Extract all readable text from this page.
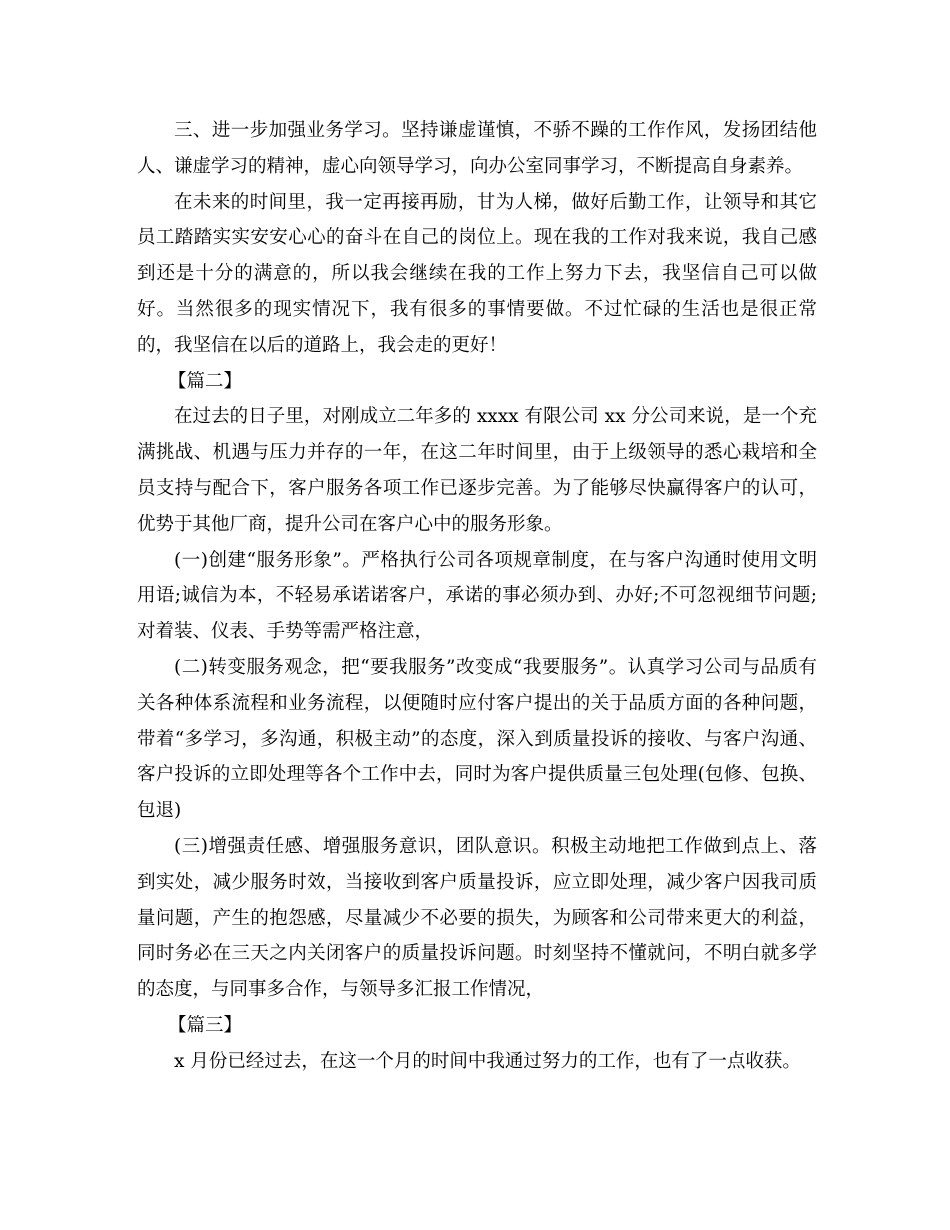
三、进一步加强业务学习。坚持谦虚谨慎，不骄不躁的工作作风，发扬团结他人、谦虚学习的精神，虚心向领导学习，向办公室同事学习，不断提高自身素养。

在未来的时间里，我一定再接再励，甘为人梯，做好后勤工作，让领导和其它员工踏踏实实安安心心的奋斗在自己的岗位上。现在我的工作对我来说，我自己感到还是十分的满意的，所以我会继续在我的工作上努力下去，我坚信自己可以做好。当然很多的现实情况下，我有很多的事情要做。不过忙碌的生活也是很正常的，我坚信在以后的道路上，我会走的更好！

【篇二】

在过去的日子里，对刚成立二年多的 xxxx 有限公司 xx 分公司来说，是一个充满挑战、机遇与压力并存的一年，在这二年时间里，由于上级领导的悉心栽培和全员支持与配合下，客户服务各项工作已逐步完善。为了能够尽快赢得客户的认可，优势于其他厂商，提升公司在客户心中的服务形象。

(一)创建“服务形象”。严格执行公司各项规章制度，在与客户沟通时使用文明用语;诚信为本，不轻易承诺诺客户，承诺的事必须办到、办好;不可忽视细节问题;对着装、仪表、手势等需严格注意，

(二)转变服务观念，把“要我服务”改变成“我要服务”。认真学习公司与品质有关各种体系流程和业务流程，以便随时应付客户提出的关于品质方面的各种问题，带着“多学习，多沟通，积极主动”的态度，深入到质量投诉的接收、与客户沟通、客户投诉的立即处理等各个工作中去，同时为客户提供质量三包处理(包修、包换、包退)

(三)增强责任感、增强服务意识，团队意识。积极主动地把工作做到点上、落到实处，减少服务时效，当接收到客户质量投诉，应立即处理，减少客户因我司质量问题，产生的抱怨感，尽量减少不必要的损失，为顾客和公司带来更大的利益，同时务必在三天之内关闭客户的质量投诉问题。时刻坚持不懂就问，不明白就多学的态度，与同事多合作，与领导多汇报工作情况，

【篇三】

x 月份已经过去，在这一个月的时间中我通过努力的工作，也有了一点收获。
